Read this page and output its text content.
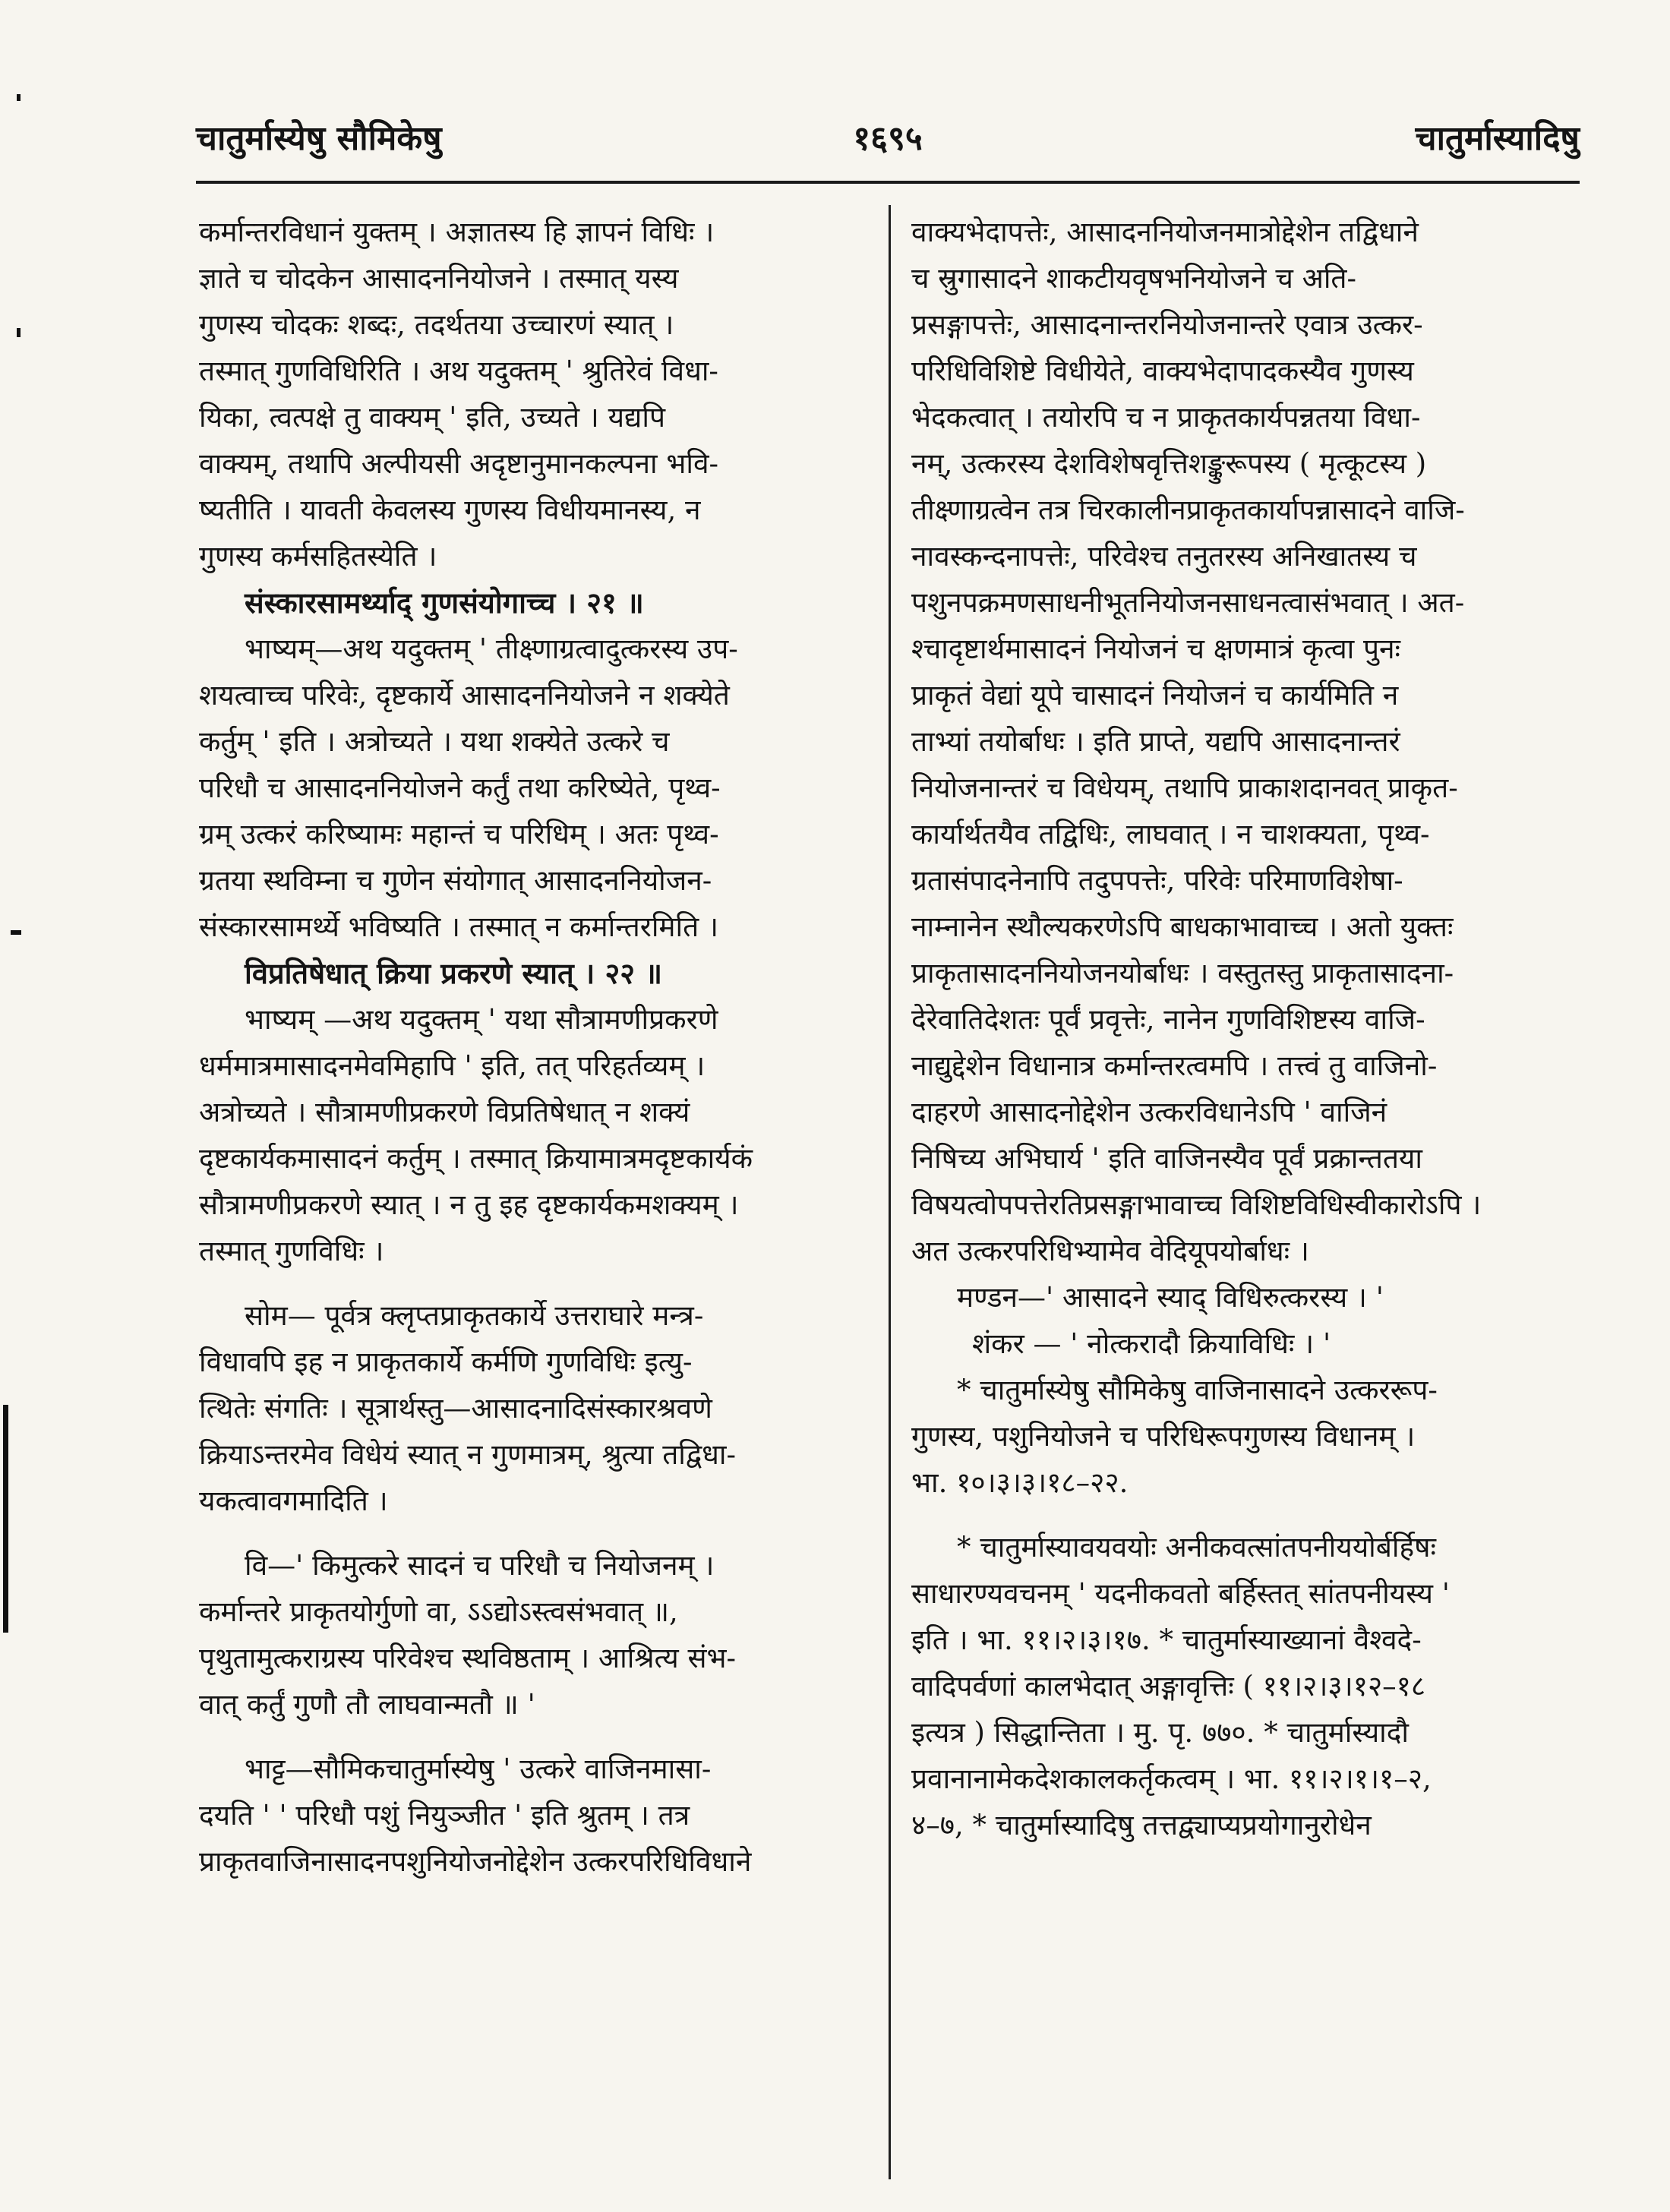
चातुर्मास्येषु सौमिकेषु	१६९५	चातुर्मास्यादिषु
कर्मान्तरविधानं युक्तम् । अज्ञातस्य हि ज्ञापनं विधिः ।
ज्ञाते च चोदकेन आसादननियोजने । तस्मात् यस्य
गुणस्य चोदकः शब्दः, तदर्थतया उच्चारणं स्यात् ।
तस्मात् गुणविधिरिति । अथ यदुक्तम् ' श्रुतिरेवं विधा-
यिका, त्वत्पक्षे तु वाक्यम् ' इति, उच्यते । यद्यपि
वाक्यम्, तथापि अल्पीयसी अदृष्टानुमानकल्पना भवि-
ष्यतीति । यावती केवलस्य गुणस्य विधीयमानस्य, न
गुणस्य कर्मसहितस्येति ।
संस्कारसामर्थ्याद् गुणसंयोगाच्च । २१ ॥
भाष्यम्—अथ यदुक्तम् ' तीक्ष्णाग्रत्वादुत्करस्य उप-
शयत्वाच्च परिवेः, दृष्टकार्ये आसादननियोजने न शक्येते
कर्तुम् ' इति । अत्रोच्यते । यथा शक्येते उत्करे च
परिधौ च आसादननियोजने कर्तुं तथा करिष्येते, पृथ्व-
ग्रम् उत्करं करिष्यामः महान्तं च परिधिम् । अतः पृथ्व-
ग्रतया स्थविम्ना च गुणेन संयोगात् आसादननियोजन-
संस्कारसामर्थ्ये भविष्यति । तस्मात् न कर्मान्तरमिति ।
विप्रतिषेधात् क्रिया प्रकरणे स्यात् । २२ ॥
भाष्यम् —अथ यदुक्तम् ' यथा सौत्रामणीप्रकरणे
धर्ममात्रमासादनमेवमिहापि ' इति, तत् परिहर्तव्यम् ।
अत्रोच्यते । सौत्रामणीप्रकरणे विप्रतिषेधात् न शक्यं
दृष्टकार्यकमासादनं कर्तुम् । तस्मात् क्रियामात्रमदृष्टकार्यकं
सौत्रामणीप्रकरणे स्यात् । न तु इह दृष्टकार्यकमशक्यम् ।
तस्मात् गुणविधिः ।
सोम— पूर्वत्र क्लृप्तप्राकृतकार्ये उत्तराघारे मन्त्र-
विधावपि इह न प्राकृतकार्ये कर्मणि गुणविधिः इत्यु-
त्थितेः संगतिः । सूत्रार्थस्तु—आसादनादिसंस्कारश्रवणे
क्रियाऽन्तरमेव विधेयं स्यात् न गुणमात्रम्, श्रुत्या तद्विधा-
यकत्वावगमादिति ।
वि—' किमुत्करे सादनं च परिधौ च नियोजनम् ।
कर्मान्तरे प्राकृतयोर्गुणो वा, ऽऽद्योऽस्त्वसंभवात् ॥,
पृथुतामुत्कराग्रस्य परिवेश्च स्थविष्ठताम् । आश्रित्य संभ-
वात् कर्तुं गुणौ तौ लाघवान्मतौ ॥ '
भाट्ट—सौमिकचातुर्मास्येषु ' उत्करे वाजिनमासा-
दयति ' ' परिधौ पशुं नियुञ्जीत ' इति श्रुतम् । तत्र
प्राकृतवाजिनासादनपशुनियोजनोद्देशेन उत्करपरिधिविधाने
वाक्यभेदापत्तेः, आसादननियोजनमात्रोद्देशेन तद्विधाने
च स्रुगासादने शाकटीयवृषभनियोजने च अति-
प्रसङ्गापत्तेः, आसादनान्तरनियोजनान्तरे एवात्र उत्कर-
परिधिविशिष्टे विधीयेते, वाक्यभेदापादकस्यैव गुणस्य
भेदकत्वात् । तयोरपि च न प्राकृतकार्यपन्नतया विधा-
नम्, उत्करस्य देशविशेषवृत्तिशङ्कुरूपस्य ( मृत्कूटस्य )
तीक्ष्णाग्रत्वेन तत्र चिरकालीनप्राकृतकार्यापन्नासादने वाजि-
नावस्कन्दनापत्तेः, परिवेश्च तनुतरस्य अनिखातस्य च
पशुनपक्रमणसाधनीभूतनियोजनसाधनत्वासंभवात् । अत-
श्चादृष्टार्थमासादनं नियोजनं च क्षणमात्रं कृत्वा पुनः
प्राकृतं वेद्यां यूपे चासादनं नियोजनं च कार्यमिति न
ताभ्यां तयोर्बाधः । इति प्राप्ते, यद्यपि आसादनान्तरं
नियोजनान्तरं च विधेयम्, तथापि प्राकाशदानवत् प्राकृत-
कार्यार्थतयैव तद्विधिः, लाघवात् । न चाशक्यता, पृथ्व-
ग्रतासंपादनेनापि तदुपपत्तेः, परिवेः परिमाणविशेषा-
नाम्नानेन स्थौल्यकरणेऽपि बाधकाभावाच्च । अतो युक्तः
प्राकृतासादननियोजनयोर्बाधः । वस्तुतस्तु प्राकृतासादना-
देरेवातिदेशतः पूर्वं प्रवृत्तेः, नानेन गुणविशिष्टस्य वाजि-
नाद्युद्देशेन विधानात्र कर्मान्तरत्वमपि । तत्त्वं तु वाजिनो-
दाहरणे आसादनोद्देशेन उत्करविधानेऽपि ' वाजिनं
निषिच्य अभिघार्य ' इति वाजिनस्यैव पूर्वं प्रक्रान्ततया
विषयत्वोपपत्तेरतिप्रसङ्गाभावाच्च विशिष्टविधिस्वीकारोऽपि ।
अत उत्करपरिधिभ्यामेव वेदियूपयोर्बाधः ।
मण्डन—' आसादने स्याद् विधिरुत्करस्य । '
शंकर — ' नोत्करादौ क्रियाविधिः । '
* चातुर्मास्येषु सौमिकेषु वाजिनासादने उत्कररूप-
गुणस्य, पशुनियोजने च परिधिरूपगुणस्य विधानम् ।
भा. १०।३।३।१८–२२.
* चातुर्मास्यावयवयोः अनीकवत्सांतपनीययोर्बर्हिषः
साधारण्यवचनम् ' यदनीकवतो बर्हिस्तत् सांतपनीयस्य '
इति । भा. ११।२।३।१७. * चातुर्मास्याख्यानां वैश्वदे-
वादिपर्वणां कालभेदात् अङ्गावृत्तिः ( ११।२।३।१२–१८
इत्यत्र ) सिद्धान्तिता । मु. पृ. ७७०. * चातुर्मास्यादौ
प्रवानानामेकदेशकालकर्तृकत्वम् । भा. ११।२।१।१–२,
४–७, * चातुर्मास्यादिषु तत्तद्व्याप्यप्रयोगानुरोधेन
